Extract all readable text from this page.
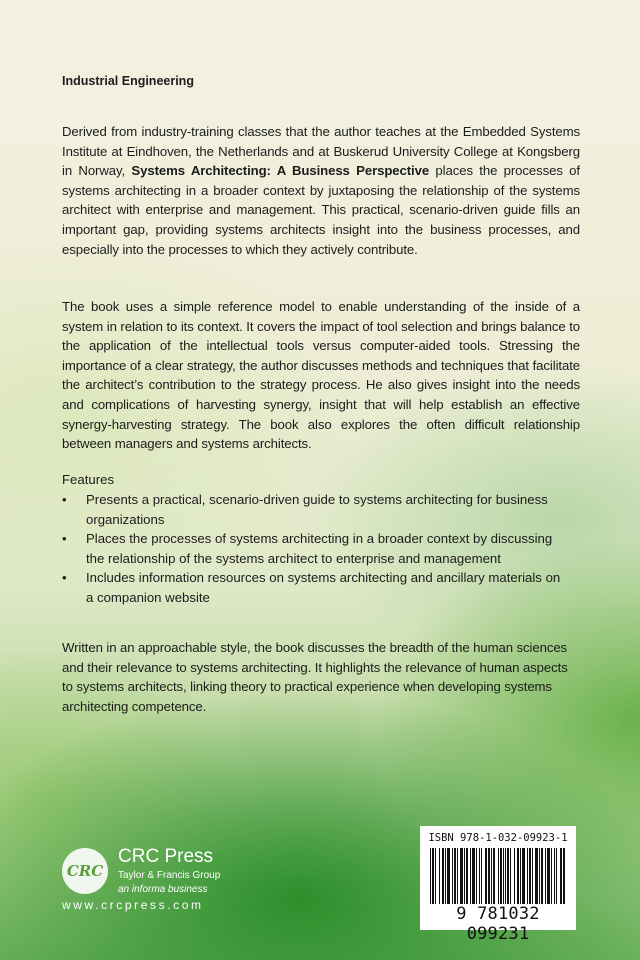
Industrial Engineering

Derived from industry-training classes that the author teaches at the Embedded Systems Institute at Eindhoven, the Netherlands and at Buskerud University College at Kongsberg in Norway, Systems Architecting: A Business Perspective places the processes of systems architecting in a broader context by juxtaposing the relationship of the systems architect with enterprise and management. This practical, scenario-driven guide fills an important gap, providing systems architects insight into the business processes, and especially into the processes to which they actively contribute.

The book uses a simple reference model to enable understanding of the inside of a system in relation to its context. It covers the impact of tool selection and brings balance to the application of the intellectual tools versus computer-aided tools. Stressing the importance of a clear strategy, the author discusses methods and techniques that facilitate the architect’s contribution to the strategy process. He also gives insight into the needs and complications of harvesting synergy, insight that will help establish an effective synergy-harvesting strategy. The book also explores the often difficult relationship between managers and systems architects.

Features

• Presents a practical, scenario-driven guide to systems architecting for business organizations
• Places the processes of systems architecting in a broader context by discussing the relationship of the systems architect to enterprise and management
• Includes information resources on systems architecting and ancillary materials on a companion website

Written in an approachable style, the book discusses the breadth of the human sciences and their relevance to systems architecting. It highlights the relevance of human aspects to systems architects, linking theory to practical experience when developing systems architecting competence.

CRC
CRC Press
Taylor & Francis Group
an informa business
www.crcpress.com
ISBN 978-1-032-09923-1
9 781032 099231
